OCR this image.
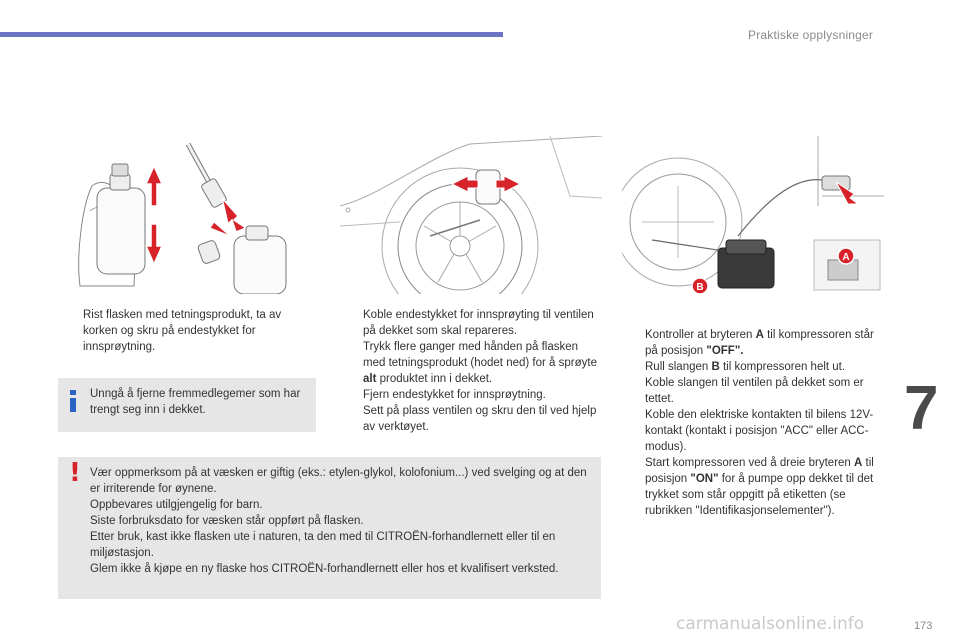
Praktiske opplysninger
A
B
Rist flasken med tetningsprodukt, ta av korken og skru på endestykket for innsprøytning.
Unngå å fjerne fremmedlegemer som har trengt seg inn i dekket.
Koble endestykket for innsprøyting til ventilen på dekket som skal repareres.
Trykk flere ganger med hånden på flasken med tetningsprodukt (hodet ned) for å sprøyte alt produktet inn i dekket.
Fjern endestykket for innsprøytning.
Sett på plass ventilen og skru den til ved hjelp av verktøyet.
Kontroller at bryteren A til kompressoren står på posisjon "OFF".
Rull slangen B til kompressoren helt ut.
Koble slangen til ventilen på dekket som er tettet.
Koble den elektriske kontakten til bilens 12V-kontakt (kontakt i posisjon "ACC" eller ACC-modus).
Start kompressoren ved å dreie bryteren A til posisjon "ON" for å pumpe opp dekket til det trykket som står oppgitt på etiketten (se rubrikken "Identifikasjonselementer").
! Vær oppmerksom på at væsken er giftig (eks.: etylen-glykol, kolofonium...) ved svelging og at den er irriterende for øynene.
Oppbevares utilgjengelig for barn.
Siste forbruksdato for væsken står oppført på flasken.
Etter bruk, kast ikke flasken ute i naturen, ta den med til CITROËN-forhandlernett eller til en miljøstasjon.
Glem ikke å kjøpe en ny flaske hos CITROËN-forhandlernett eller hos et kvalifisert verksted.
7
carmanualsonline.info	173
